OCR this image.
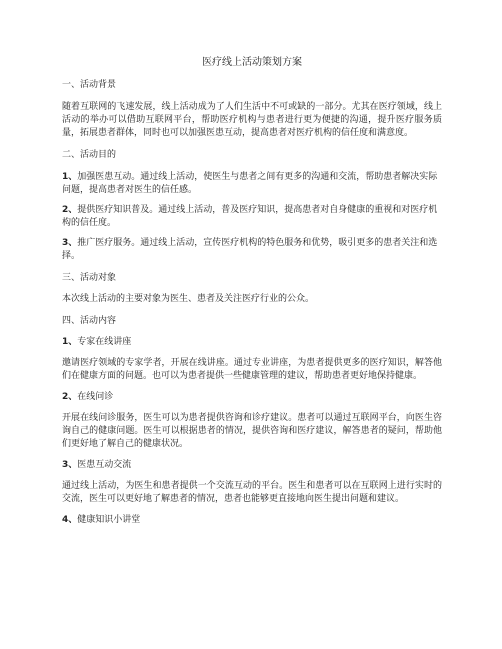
医疗线上活动策划方案
一、活动背景
随着互联网的飞速发展，线上活动成为了人们生活中不可或缺的一部分。尤其在医疗领域，线上活动的举办可以借助互联网平台，帮助医疗机构与患者进行更为便捷的沟通，提升医疗服务质量，拓展患者群体，同时也可以加强医患互动，提高患者对医疗机构的信任度和满意度。
二、活动目的
1、加强医患互动。通过线上活动，使医生与患者之间有更多的沟通和交流，帮助患者解决实际问题，提高患者对医生的信任感。
2、提供医疗知识普及。通过线上活动，普及医疗知识，提高患者对自身健康的重视和对医疗机构的信任度。
3、推广医疗服务。通过线上活动，宣传医疗机构的特色服务和优势，吸引更多的患者关注和选择。
三、活动对象
本次线上活动的主要对象为医生、患者及关注医疗行业的公众。
四、活动内容
1、专家在线讲座
邀请医疗领域的专家学者，开展在线讲座。通过专业讲座，为患者提供更多的医疗知识，解答他们在健康方面的问题。也可以为患者提供一些健康管理的建议，帮助患者更好地保持健康。
2、在线问诊
开展在线问诊服务，医生可以为患者提供咨询和诊疗建议。患者可以通过互联网平台，向医生咨询自己的健康问题。医生可以根据患者的情况，提供咨询和医疗建议，解答患者的疑问，帮助他们更好地了解自己的健康状况。
3、医患互动交流
通过线上活动，为医生和患者提供一个交流互动的平台。医生和患者可以在互联网上进行实时的交流，医生可以更好地了解患者的情况，患者也能够更直接地向医生提出问题和建议。
4、健康知识小讲堂
